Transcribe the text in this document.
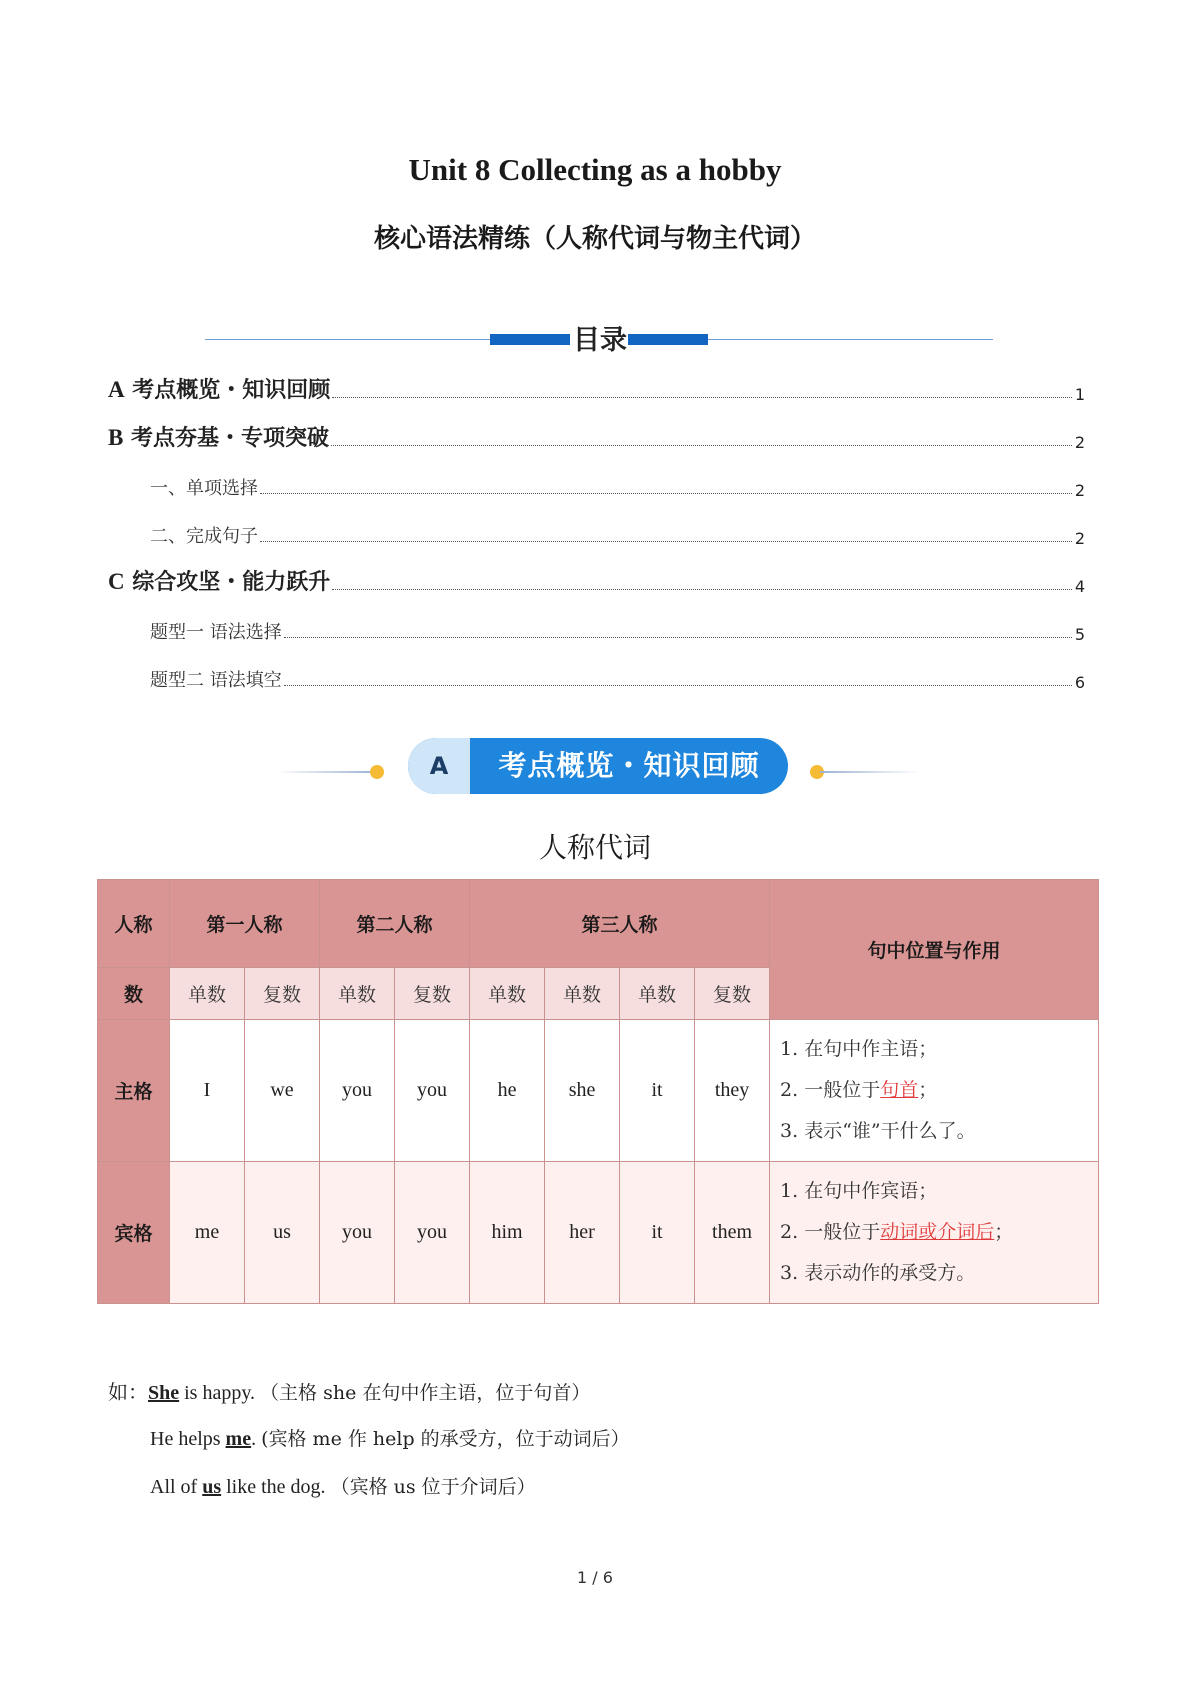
Unit 8 Collecting as a hobby
核心语法精练（人称代词与物主代词）
目录
A 考点概览・知识回顾	1
B 考点夯基・专项突破	2
一、单项选择	2
二、完成句子	2
C 综合攻坚・能力跃升	4
题型一 语法选择	5
题型二 语法填空	6
A	考点概览・知识回顾
人称代词
人称	第一人称		第二人称		第三人称				句中位置与作用
数	单数	复数	单数	复数	单数	单数	单数	复数	
主格	I	we	you	you	he	she	it	they	1. 在句中作主语；
2. 一般位于句首；
3. 表示“谁”干什么了。

宾格	me	us	you	you	him	her	it	them	1. 在句中作宾语；
2. 一般位于动词或介词后；
3. 表示动作的承受方。
如：She is happy. （主格 she 在句中作主语，位于句首）
He helps me. (宾格 me 作 help 的承受方，位于动词后）
All of us like the dog. （宾格 us 位于介词后）
1 / 6
